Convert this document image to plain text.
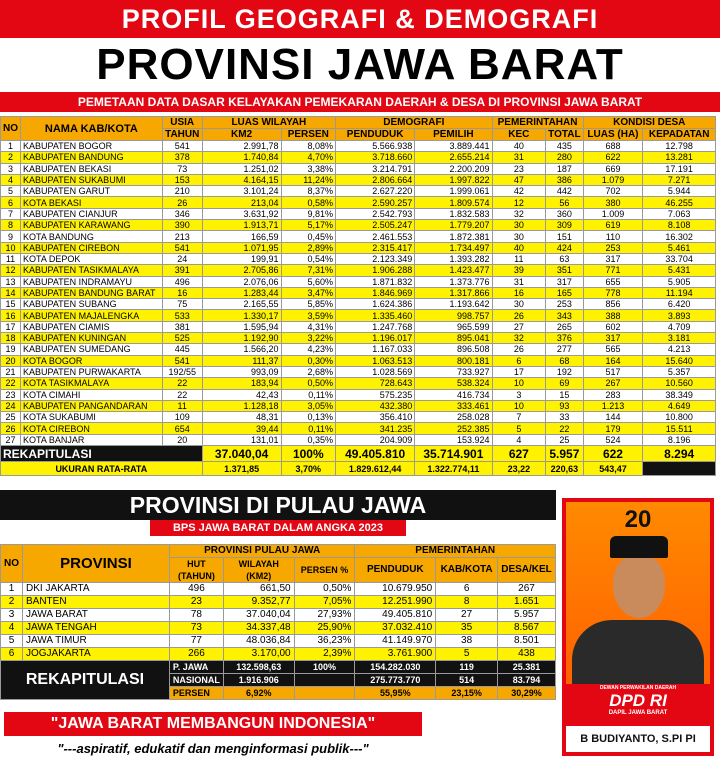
PROFIL GEOGRAFI & DEMOGRAFI
PROVINSI JAWA BARAT
PEMETAAN DATA DASAR KELAYAKAN PEMEKARAN DAERAH & DESA DI PROVINSI JAWA BARAT
NO	NAMA KAB/KOTA	USIA	LUAS WILAYAH		DEMOGRAFI		PEMERINTAHAN		KONDISI DESA	
		TAHUN	KM2	PERSEN	PENDUDUK	PEMILIH	KEC	TOTAL	LUAS (HA)	KEPADATAN
1	KABUPATEN BOGOR	541	2.991,78	8,08%	5.566.938	3.889.441	40	435	688	12.798
2	KABUPATEN BANDUNG	378	1.740,84	4,70%	3.718.660	2.655.214	31	280	622	13.281
3	KABUPATEN BEKASI	73	1.251,02	3,38%	3.214.791	2.200.209	23	187	669	17.191
4	KABUPATEN SUKABUMI	153	4.164,15	11,24%	2.806.664	1.997.822	47	386	1.079	7.271
5	KABUPATEN GARUT	210	3.101,24	8,37%	2.627.220	1.999.061	42	442	702	5.944
6	KOTA BEKASI	26	213,04	0,58%	2.590.257	1.809.574	12	56	380	46.255
7	KABUPATEN CIANJUR	346	3.631,92	9,81%	2.542.793	1.832.583	32	360	1.009	7.063
8	KABUPATEN KARAWANG	390	1.913,71	5,17%	2.505.247	1.779.207	30	309	619	8.108
9	KOTA BANDUNG	213	166,59	0,45%	2.461.553	1.872.381	30	151	110	16.302
10	KABUPATEN CIREBON	541	1.071,95	2,89%	2.315.417	1.734.497	40	424	253	5.461
11	KOTA DEPOK	24	199,91	0,54%	2.123.349	1.393.282	11	63	317	33.704
12	KABUPATEN TASIKMALAYA	391	2.705,86	7,31%	1.906.288	1.423.477	39	351	771	5.431
13	KABUPATEN INDRAMAYU	496	2.076,06	5,60%	1.871.832	1.373.776	31	317	655	5.905
14	KABUPATEN BANDUNG BARAT	16	1.283,44	3,47%	1.846.969	1.317.866	16	165	778	11.194
15	KABUPATEN SUBANG	75	2.165,55	5,85%	1.624.386	1.193.642	30	253	856	6.420
16	KABUPATEN MAJALENGKA	533	1.330,17	3,59%	1.335.460	998.757	26	343	388	3.893
17	KABUPATEN CIAMIS	381	1.595,94	4,31%	1.247.768	965.599	27	265	602	4.709
18	KABUPATEN KUNINGAN	525	1.192,90	3,22%	1.196.017	895.041	32	376	317	3.181
19	KABUPATEN SUMEDANG	445	1.566,20	4,23%	1.167.033	896.508	26	277	565	4.213
20	KOTA BOGOR	541	111,37	0,30%	1.063.513	800.181	6	68	164	15.640
21	KABUPATEN PURWAKARTA	192/55	993,09	2,68%	1.028.569	733.927	17	192	517	5.357
22	KOTA TASIKMALAYA	22	183,94	0,50%	728.643	538.324	10	69	267	10.560
23	KOTA CIMAHI	22	42,43	0,11%	575.235	416.734	3	15	283	38.349
24	KABUPATEN PANGANDARAN	11	1.128,18	3,05%	432.380	333.461	10	93	1.213	4.649
25	KOTA SUKABUMI	109	48,31	0,13%	356.410	258.028	7	33	144	10.800
26	KOTA CIREBON	654	39,44	0,11%	341.235	252.385	5	22	179	15.511
27	KOTA BANJAR	20	131,01	0,35%	204.909	153.924	4	25	524	8.196
REKAPITULASI			37.040,04	100%	49.405.810	35.714.901	627	5.957	622	8.294
UKURAN RATA-RATA			1.371,85	3,70%	1.829.612,44	1.322.774,11	23,22	220,63	543,47	
PROVINSI DI PULAU JAWA
BPS JAWA BARAT DALAM ANGKA 2023
NO	PROVINSI	PROVINSI PULAU JAWA			PEMERINTAHAN		
		HUT (TAHUN)	WILAYAH (KM2)	PERSEN %	PENDUDUK	KAB/KOTA	DESA/KEL
1	DKI JAKARTA	496	661,50	0,50%	10.679.950	6	267
2	BANTEN	23	9.352,77	7,05%	12.251.990	8	1.651
3	JAWA BARAT	78	37.040,04	27,93%	49.405.810	27	5.957
4	JAWA TENGAH	73	34.337,48	25,90%	37.032.410	35	8.567
5	JAWA TIMUR	77	48.036,84	36,23%	41.149.970	38	8.501
6	JOGJAKARTA	266	3.170,00	2,39%	3.761.900	5	438
REKAPITULASI		P. JAWA	132.598,63	100%	154.282.030	119	25.381
		NASIONAL	1.916.906		275.773.770	514	83.794
		PERSEN	6,92%		55,95%	23,15%	30,29%
"JAWA BARAT MEMBANGUN INDONESIA"
"---aspiratif, edukatif dan menginformasi publik---"
20
DEWAN PERWAKILAN DAERAH
DPD RI
DAPIL JAWA BARAT
B BUDIYANTO, S.PI PI
